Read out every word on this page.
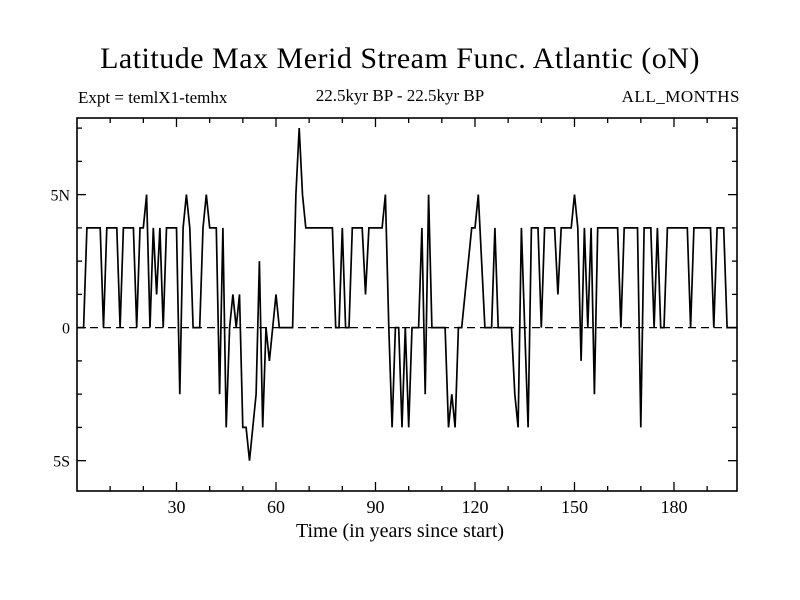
Latitude Max Merid Stream Func. Atlantic (oN)
Expt = temlX1-temhx	22.5kyr BP - 22.5kyr BP	ALL_MONTHS
30	60	90	120	150	180
5N
0
5S
Time (in years since start)
